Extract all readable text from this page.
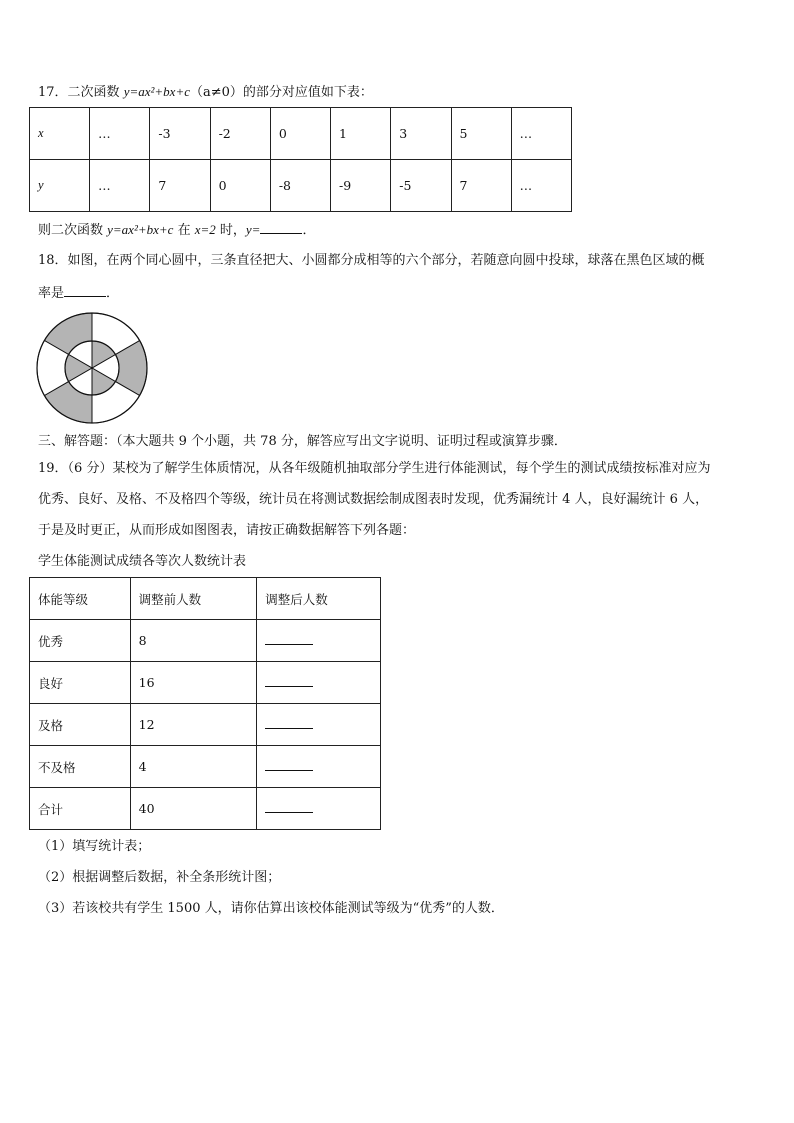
17．二次函数 y=ax²+bx+c（a≠0）的部分对应值如下表：
x	…	-3	-2	0	1	3	5	…
y	…	7	0	-8	-9	-5	7	…
则二次函数 y=ax²+bx+c 在 x=2 时，y=	．
18．如图，在两个同心圆中，三条直径把大、小圆都分成相等的六个部分，若随意向圆中投球，球落在黑色区域的概
率是	．
三、解答题：（本大题共 9 个小题，共 78 分，解答应写出文字说明、证明过程或演算步骤．
19．（6 分）某校为了解学生体质情况，从各年级随机抽取部分学生进行体能测试，每个学生的测试成绩按标准对应为
优秀、良好、及格、不及格四个等级，统计员在将测试数据绘制成图表时发现，优秀漏统计 4 人，良好漏统计 6 人，
于是及时更正，从而形成如图图表，请按正确数据解答下列各题：
学生体能测试成绩各等次人数统计表
体能等级	调整前人数	调整后人数
优秀	8	
良好	16	
及格	12	
不及格	4	
合计	40	
（1）填写统计表；
（2）根据调整后数据，补全条形统计图；
（3）若该校共有学生 1500 人，请你估算出该校体能测试等级为“优秀”的人数．
